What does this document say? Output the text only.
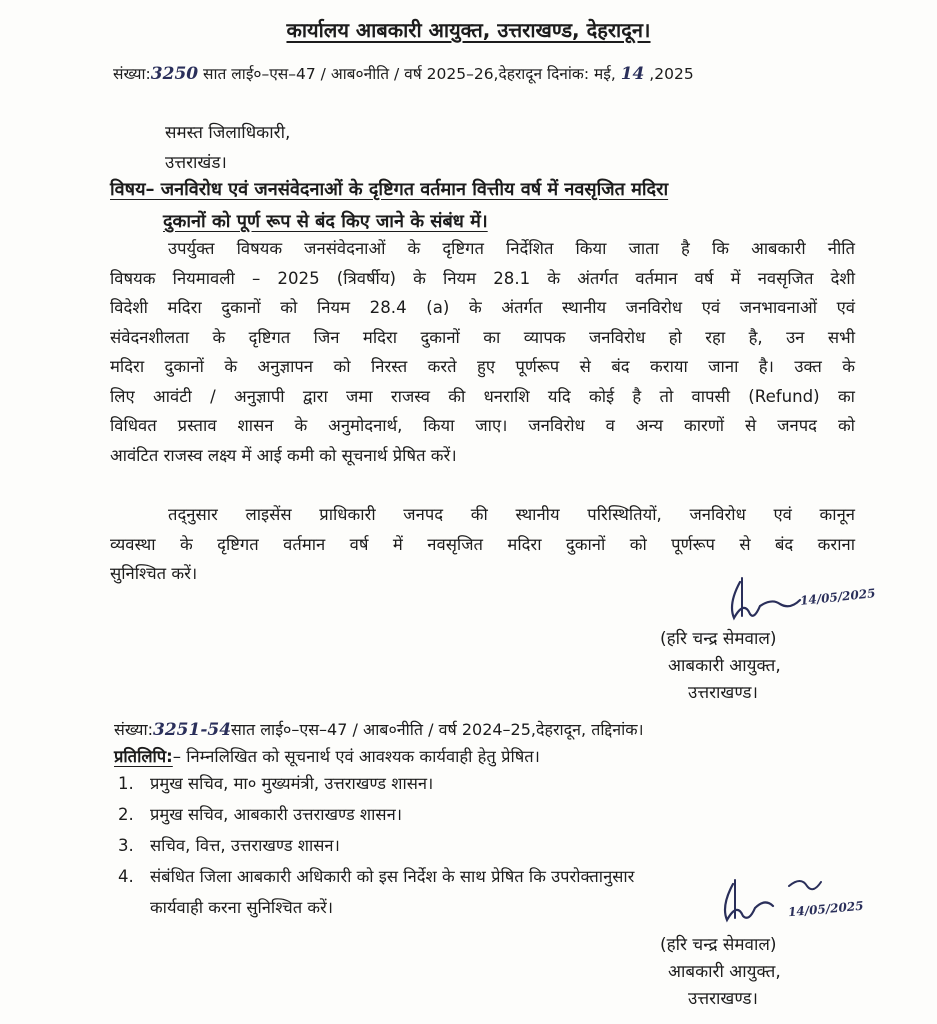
कार्यालय आबकारी आयुक्त, उत्तराखण्ड, देहरादून।
संख्या:3250 सात लाई०–एस–47 / आब०नीति / वर्ष 2025–26,देहरादून दिनांक: मई, 14 ,2025
समस्त जिलाधिकारी,
उत्तराखंड।
विषय– जनविरोध एवं जनसंवेदनाओं के दृष्टिगत वर्तमान वित्तीय वर्ष में नवसृजित मदिरा
दुकानों को पूर्ण रूप से बंद किए जाने के संबंध में।
उपर्युक्त विषयक जनसंवेदनाओं के दृष्टिगत निर्देशित किया जाता है कि आबकारी नीति
विषयक नियमावली – 2025 (त्रिवर्षीय) के नियम 28.1 के अंतर्गत वर्तमान वर्ष में नवसृजित देशी
विदेशी मदिरा दुकानों को नियम 28.4 (a) के अंतर्गत स्थानीय जनविरोध एवं जनभावनाओं एवं
संवेदनशीलता के दृष्टिगत जिन मदिरा दुकानों का व्यापक जनविरोध हो रहा है, उन सभी
मदिरा दुकानों के अनुज्ञापन को निरस्त करते हुए पूर्णरूप से बंद कराया जाना है। उक्त के
लिए आवंटी / अनुज्ञापी द्वारा जमा राजस्व की धनराशि यदि कोई है तो वापसी (Refund) का
विधिवत प्रस्ताव शासन के अनुमोदनार्थ, किया जाए। जनविरोध व अन्य कारणों से जनपद को
आवंटित राजस्व लक्ष्य में आई कमी को सूचनार्थ प्रेषित करें।
तद्नुसार लाइसेंस प्राधिकारी जनपद की स्थानीय परिस्थितियों, जनविरोध एवं कानून
व्यवस्था के दृष्टिगत वर्तमान वर्ष में नवसृजित मदिरा दुकानों को पूर्णरूप से बंद कराना
सुनिश्चित करें।
14/05/2025
(हरि चन्द्र सेमवाल)
आबकारी आयुक्त,
उत्तराखण्ड।
संख्या:3251-54सात लाई०–एस–47 / आब०नीति / वर्ष 2024–25,देहरादून, तद्दिनांक।
प्रतिलिपि:– निम्नलिखित को सूचनार्थ एवं आवश्यक कार्यवाही हेतु प्रेषित।
1. प्रमुख सचिव, मा० मुख्यमंत्री, उत्तराखण्ड शासन।
2. प्रमुख सचिव, आबकारी उत्तराखण्ड शासन।
3. सचिव, वित्त, उत्तराखण्ड शासन।
4. संबंधित जिला आबकारी अधिकारी को इस निर्देश के साथ प्रेषित कि उपरोक्तानुसार
कार्यवाही करना सुनिश्चित करें।	14/05/2025
(हरि चन्द्र सेमवाल)
आबकारी आयुक्त,
उत्तराखण्ड।
